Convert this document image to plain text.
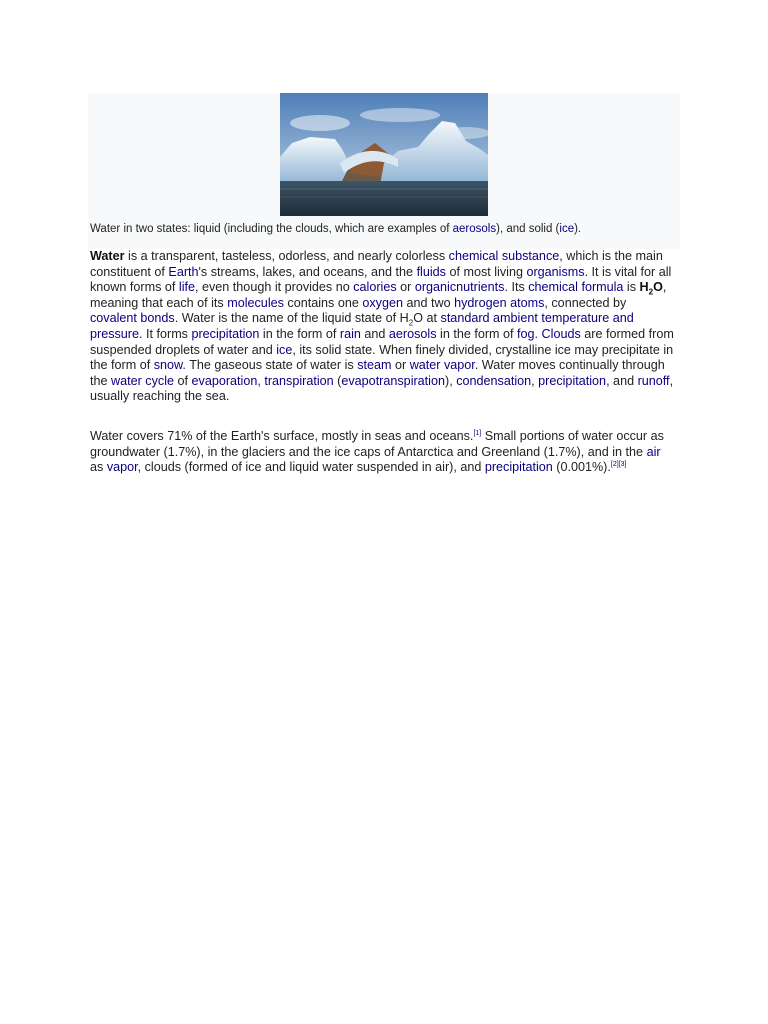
Water in two states: liquid (including the clouds, which are examples of aerosols), and solid (ice).

Water is a transparent, tasteless, odorless, and nearly colorless chemical substance, which is the main constituent of Earth's streams, lakes, and oceans, and the fluids of most living organisms. It is vital for all known forms of life, even though it provides no calories or organicnutrients. Its chemical formula is $H_2O$, meaning that each of its molecules contains one oxygen and two hydrogen atoms, connected by covalent bonds. Water is the name of the liquid state of $H_2O$ at standard ambient temperature and pressure. It forms precipitation in the form of rain and aerosols in the form of fog. Clouds are formed from suspended droplets of water and ice, its solid state. When finely divided, crystalline ice may precipitate in the form of snow. The gaseous state of water is steam or water vapor. Water moves continually through the water cycle of evaporation, transpiration (evapotranspiration), condensation, precipitation, and runoff, usually reaching the sea.

Water covers 71% of the Earth's surface, mostly in seas and oceans.[1] Small portions of water occur as groundwater (1.7%), in the glaciers and the ice caps of Antarctica and Greenland (1.7%), and in the air as vapor, clouds (formed of ice and liquid water suspended in air), and precipitation (0.001%).[2][3]
